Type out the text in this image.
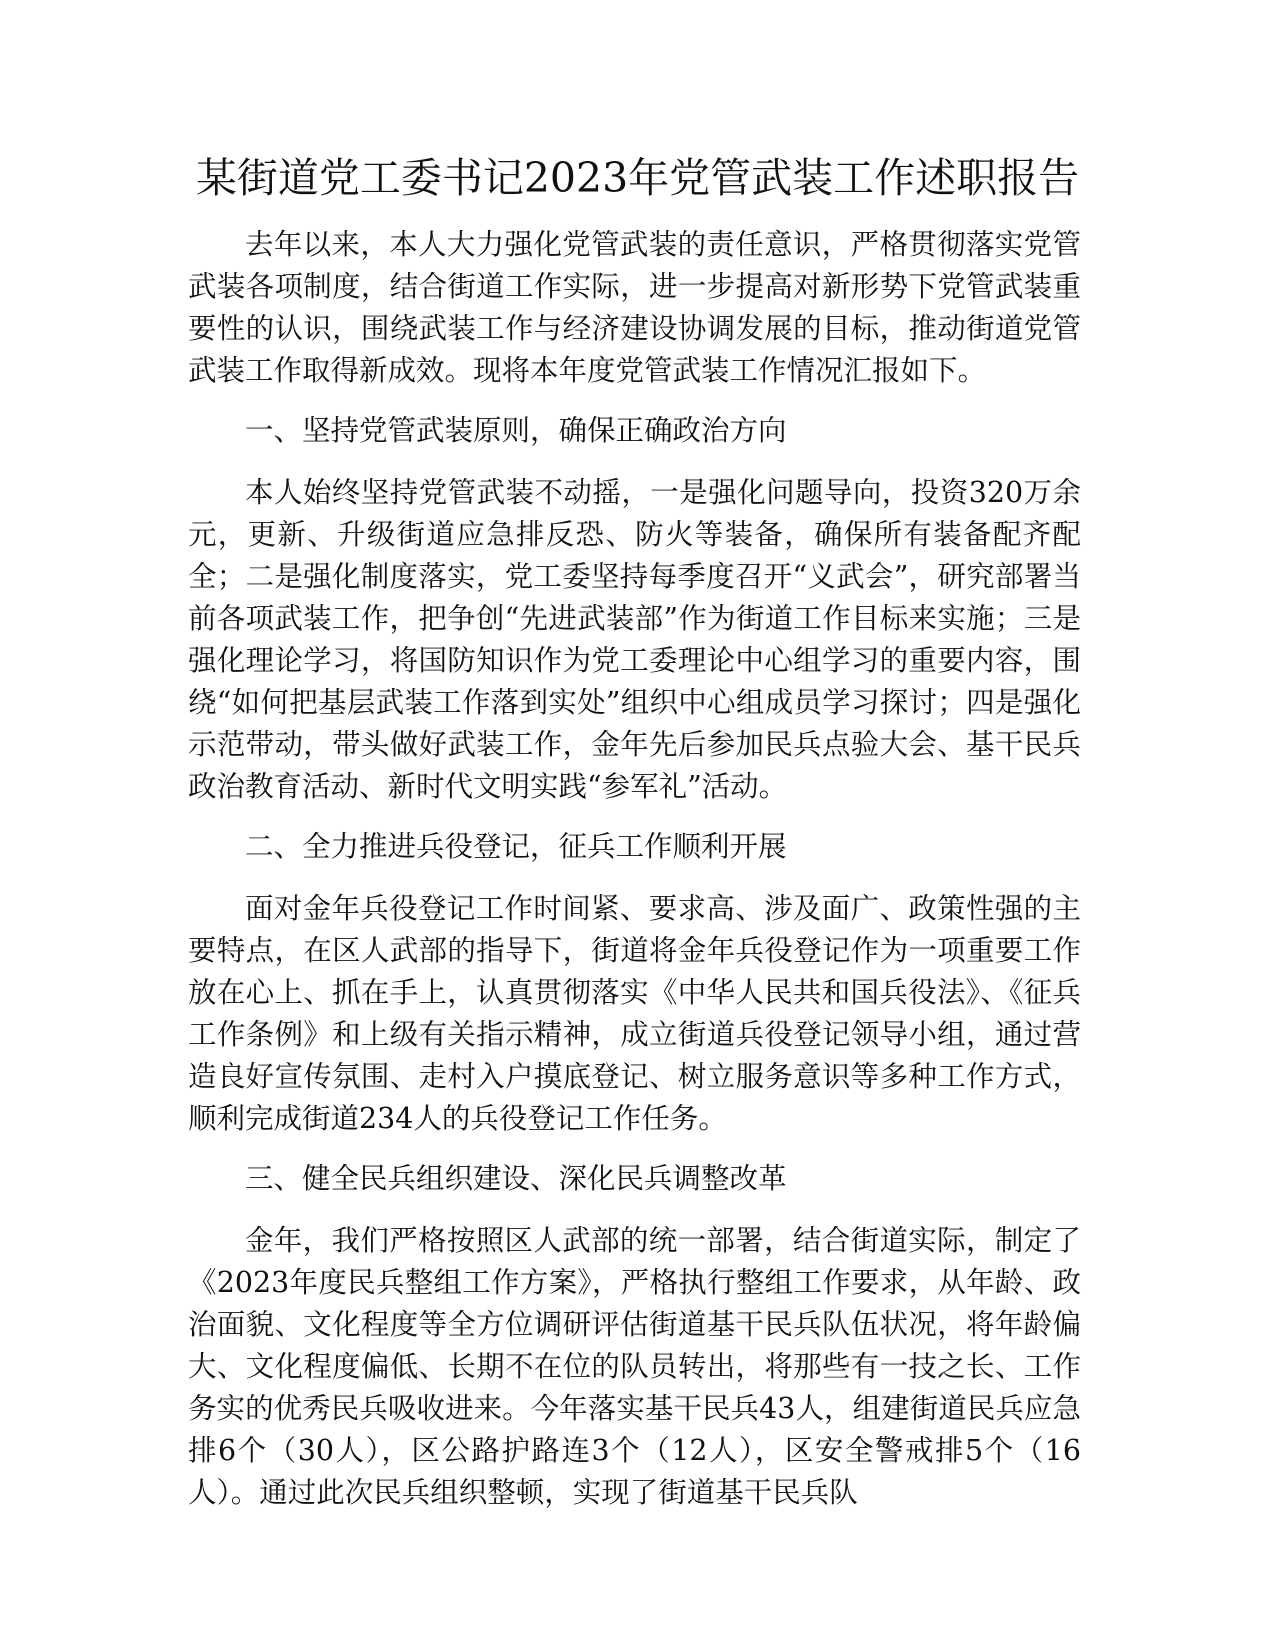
某街道党工委书记2023年党管武装工作述职报告

去年以来，本人大力强化党管武装的责任意识，严格贯彻落实党管武装各项制度，结合街道工作实际，进一步提高对新形势下党管武装重要性的认识，围绕武装工作与经济建设协调发展的目标，推动街道党管武装工作取得新成效。现将本年度党管武装工作情况汇报如下。

一、坚持党管武装原则，确保正确政治方向

本人始终坚持党管武装不动摇，一是强化问题导向，投资320万余元，更新、升级街道应急排反恐、防火等装备，确保所有装备配齐配全；二是强化制度落实，党工委坚持每季度召开“义武会”，研究部署当前各项武装工作，把争创“先进武装部”作为街道工作目标来实施；三是强化理论学习，将国防知识作为党工委理论中心组学习的重要内容，围绕“如何把基层武装工作落到实处”组织中心组成员学习探讨；四是强化示范带动，带头做好武装工作，金年先后参加民兵点验大会、基干民兵政治教育活动、新时代文明实践“参军礼”活动。

二、全力推进兵役登记，征兵工作顺利开展

面对金年兵役登记工作时间紧、要求高、涉及面广、政策性强的主要特点，在区人武部的指导下，街道将金年兵役登记作为一项重要工作放在心上、抓在手上，认真贯彻落实《中华人民共和国兵役法》、《征兵工作条例》和上级有关指示精神，成立街道兵役登记领导小组，通过营造良好宣传氛围、走村入户摸底登记、树立服务意识等多种工作方式，顺利完成街道234人的兵役登记工作任务。

三、健全民兵组织建设、深化民兵调整改革

金年，我们严格按照区人武部的统一部署，结合街道实际，制定了《2023年度民兵整组工作方案》，严格执行整组工作要求，从年龄、政治面貌、文化程度等全方位调研评估街道基干民兵队伍状况，将年龄偏大、文化程度偏低、长期不在位的队员转出，将那些有一技之长、工作务实的优秀民兵吸收进来。今年落实基干民兵43人，组建街道民兵应急排6个（30人），区公路护路连3个（12人），区安全警戒排5个（16人）。通过此次民兵组织整顿，实现了街道基干民兵队
